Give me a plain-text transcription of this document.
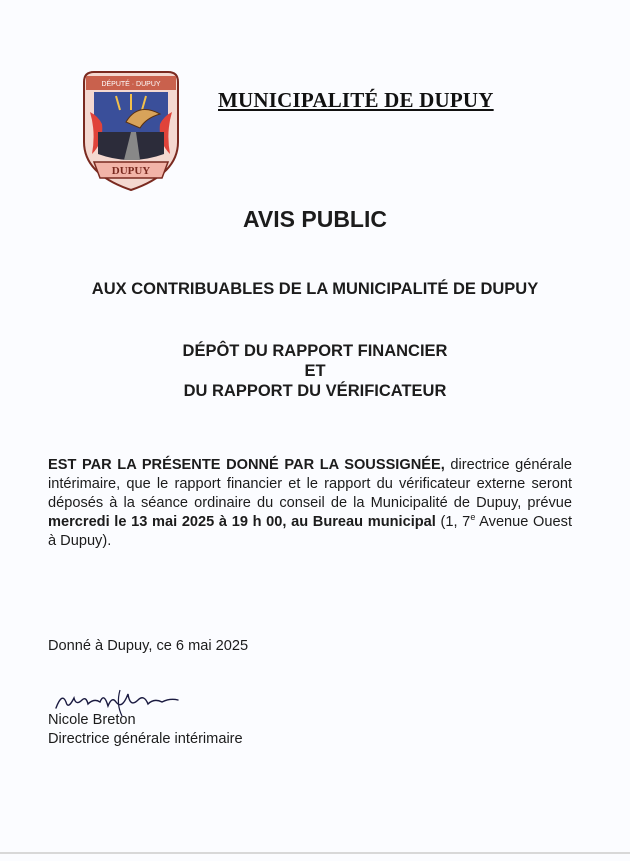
DÉPUTÉ · DUPUY
DUPUY
MUNICIPALITÉ DE DUPUY
AVIS PUBLIC
AUX CONTRIBUABLES DE LA MUNICIPALITÉ DE DUPUY
DÉPÔT DU RAPPORT FINANCIER
ET
DU RAPPORT DU VÉRIFICATEUR
EST PAR LA PRÉSENTE DONNÉ PAR LA SOUSSIGNÉE, directrice générale intérimaire, que le rapport financier et le rapport du vérificateur externe seront déposés à la séance ordinaire du conseil de la Municipalité de Dupuy, prévue mercredi le 13 mai 2025 à 19 h 00, au Bureau municipal (1, 7e Avenue Ouest à Dupuy).
Donné à Dupuy, ce 6 mai 2025
Nicole Breton
Directrice générale intérimaire
